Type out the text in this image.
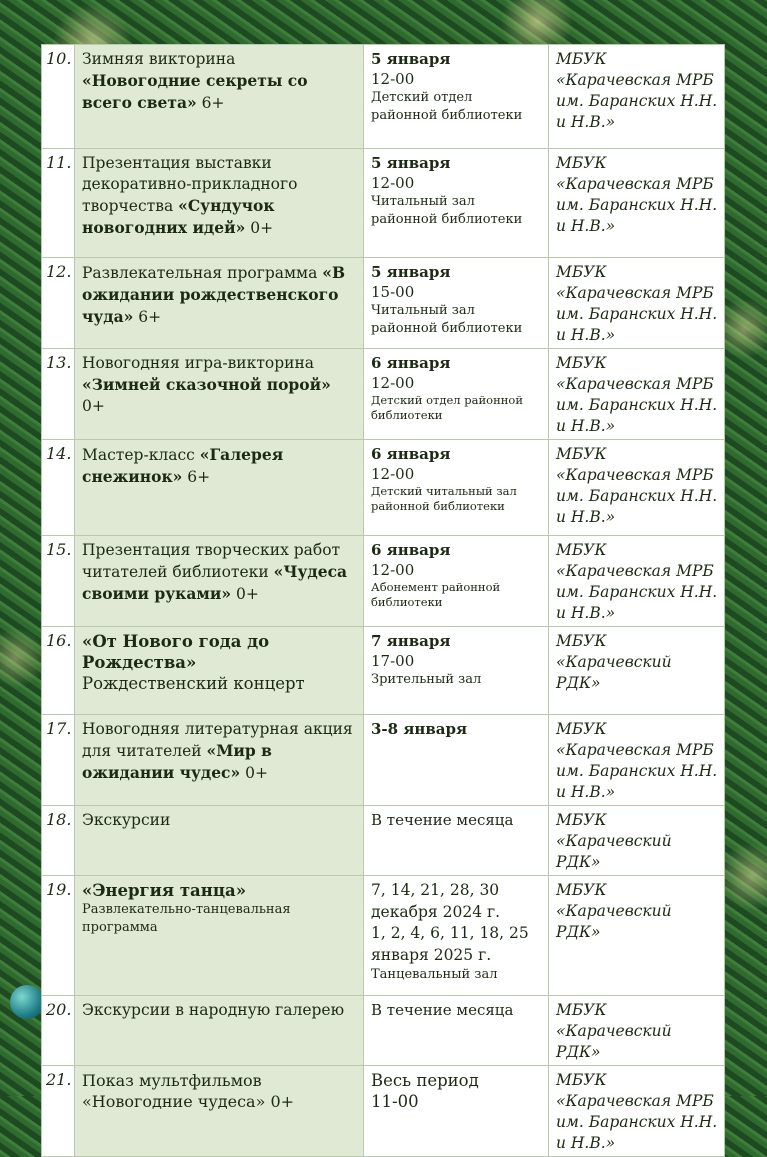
10.	Зимняя викторина «Новогодние секреты со всего света» 6+	5 января
12-00
Детский отдел районной библиотеки	МБУК «Карачевская МРБ им. Баранских Н.Н. и Н.В.»
11.	Презентация выставки декоративно-прикладного творчества «Сундучок новогодних идей» 0+	5 января
12-00
Читальный зал районной библиотеки	МБУК «Карачевская МРБ им. Баранских Н.Н. и Н.В.»
12.	Развлекательная программа «В ожидании рождественского чуда» 6+	5 января
15-00
Читальный зал районной библиотеки	МБУК «Карачевская МРБ им. Баранских Н.Н. и Н.В.»
13.	Новогодняя игра-викторина «Зимней сказочной порой» 0+	6 января
12-00
Детский отдел районной библиотеки	МБУК «Карачевская МРБ им. Баранских Н.Н. и Н.В.»
14.	Мастер-класс «Галерея снежинок» 6+	6 января
12-00
Детский читальный зал районной библиотеки	МБУК «Карачевская МРБ им. Баранских Н.Н. и Н.В.»
15.	Презентация творческих работ читателей библиотеки «Чудеса своими руками» 0+	6 января
12-00
Абонемент районной библиотеки	МБУК «Карачевская МРБ им. Баранских Н.Н. и Н.В.»
16.	«От Нового года до Рождества»
Рождественский концерт	7 января
17-00
Зрительный зал	МБУК «Карачевский РДК»
17.	Новогодняя литературная акция для читателей «Мир в ожидании чудес» 0+	3-8 января	МБУК «Карачевская МРБ им. Баранских Н.Н. и Н.В.»
18.	Экскурсии	В течение месяца	МБУК «Карачевский РДК»
19.	«Энергия танца»
Развлекательно-танцевальная программа	7, 14, 21, 28, 30 декабря 2024 г.
1, 2, 4, 6, 11, 18, 25 января 2025 г.
Танцевальный зал	МБУК «Карачевский РДК»
20.	Экскурсии в народную галерею	В течение месяца	МБУК «Карачевский РДК»
21.	Показ мультфильмов «Новогодние чудеса» 0+	Весь период
11-00	МБУК «Карачевская МРБ им. Баранских Н.Н. и Н.В.»
